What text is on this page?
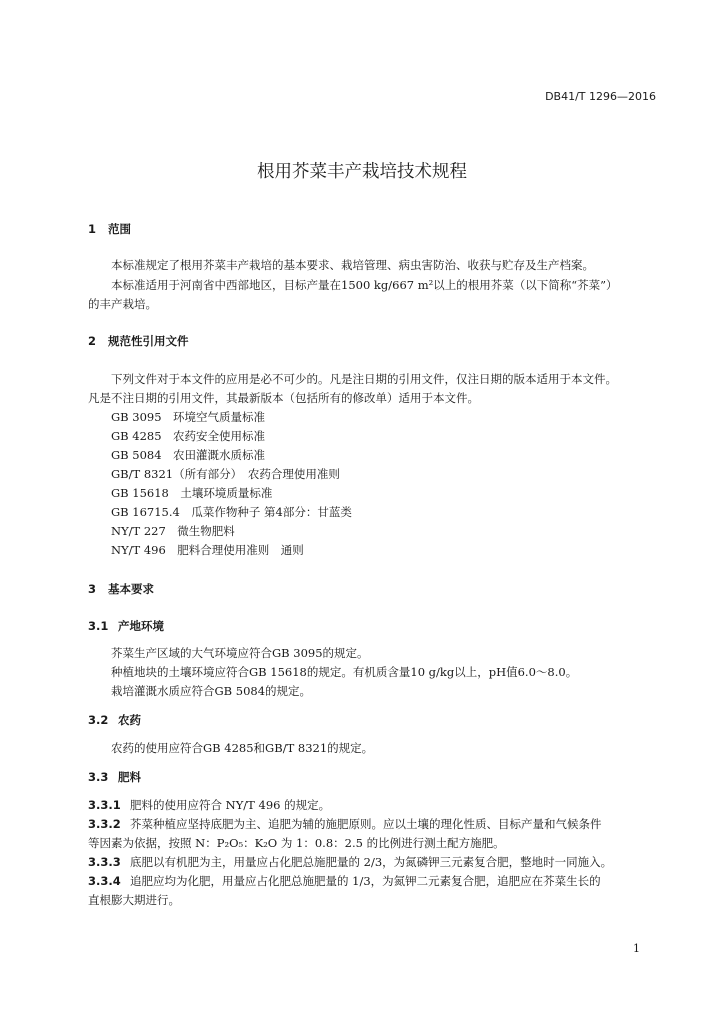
DB41/T 1296—2016
根用芥菜丰产栽培技术规程
1 范围
本标准规定了根用芥菜丰产栽培的基本要求、栽培管理、病虫害防治、收获与贮存及生产档案。
本标准适用于河南省中西部地区，目标产量在1500 kg/667 m²以上的根用芥菜（以下简称“芥菜”）
的丰产栽培。
2 规范性引用文件
下列文件对于本文件的应用是必不可少的。凡是注日期的引用文件，仅注日期的版本适用于本文件。
凡是不注日期的引用文件，其最新版本（包括所有的修改单）适用于本文件。
GB 3095　环境空气质量标准
GB 4285　农药安全使用标准
GB 5084　农田灌溉水质标准
GB/T 8321（所有部分）　农药合理使用准则
GB 15618　土壤环境质量标准
GB 16715.4　瓜菜作物种子 第4部分：甘蓝类
NY/T 227　微生物肥料
NY/T 496　肥料合理使用准则　通则
3 基本要求
3.1 产地环境
芥菜生产区域的大气环境应符合GB 3095的规定。
种植地块的土壤环境应符合GB 15618的规定。有机质含量10 g/kg以上，pH值6.0～8.0。
栽培灌溉水质应符合GB 5084的规定。
3.2 农药
农药的使用应符合GB 4285和GB/T 8321的规定。
3.3 肥料
3.3.1 肥料的使用应符合 NY/T 496 的规定。
3.3.2 芥菜种植应坚持底肥为主、追肥为辅的施肥原则。应以土壤的理化性质、目标产量和气候条件
等因素为依据，按照 N：P₂O₅：K₂O 为 1：0.8：2.5 的比例进行测土配方施肥。
3.3.3 底肥以有机肥为主，用量应占化肥总施肥量的 2/3，为氮磷钾三元素复合肥，整地时一同施入。
3.3.4 追肥应均为化肥，用量应占化肥总施肥量的 1/3，为氮钾二元素复合肥，追肥应在芥菜生长的
直根膨大期进行。
1
